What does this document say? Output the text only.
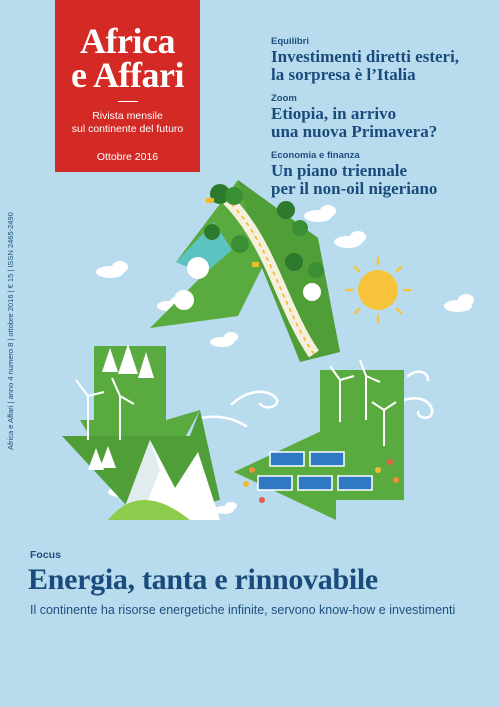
Africa
e Affari
Rivista mensile
sul continente del futuro
Ottobre 2016
Africa e Affari | anno 4 numero 8 | ottobre 2016 | € 15 | ISSN 2465-2490
Equilibri
Investimenti diretti esteri,
la sorpresa è l’Italia
Zoom
Etiopia, in arrivo
una nuova Primavera?
Economia e finanza
Un piano triennale
per il non-oil nigeriano
Focus
Energia, tanta e rinnovabile
Il continente ha risorse energetiche infinite, servono know-how e investimenti
